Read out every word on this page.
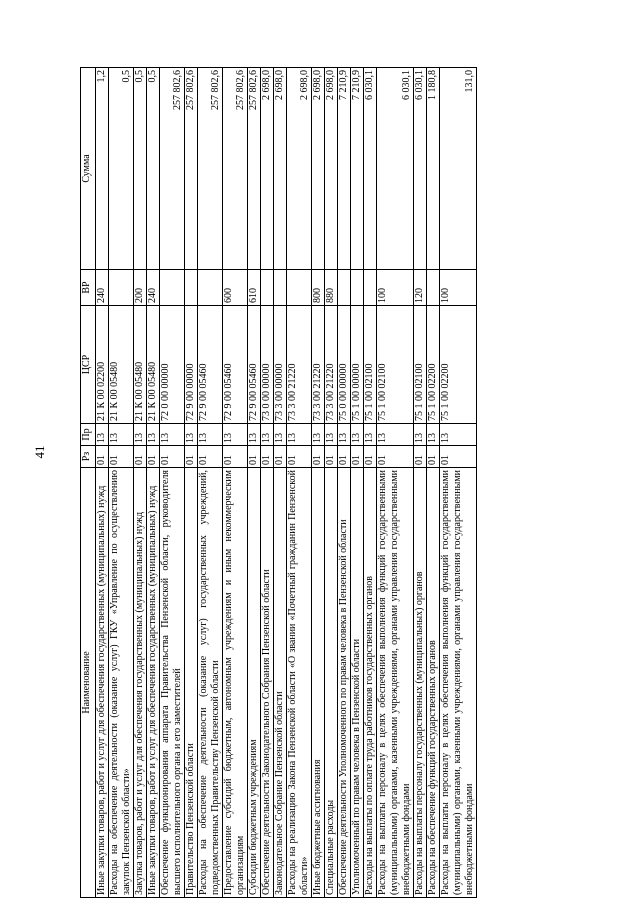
41
Наименование	Рз	Пр	ЦСР	ВР	Сумма
Иные закупки товаров, работ и услуг для обеспечения государственных (муниципальных) нужд	01	13	21 К 00 02200	240	1,2
Расходы на обеспечение деятельности (оказание услуг) ГКУ «Управление по осуществлению закупок Пензенской области»	01	13	21 К 00 05480		0,5
Закупка товаров, работ и услуг для обеспечения государственных (муниципальных) нужд	01	13	21 К 00 05480	200	0,5
Иные закупки товаров, работ и услуг для обеспечения государственных (муниципальных) нужд	01	13	21 К 00 05480	240	0,5
Обеспечение функционирования аппарата Правительства Пензенской области, руководителя высшего исполнительного органа и его заместителей	01	13	72 0 00 00000		257 802,6
Правительство Пензенской области	01	13	72 9 00 00000		257 802,6
Расходы на обеспечение деятельности (оказание услуг) государственных учреждений, подведомственных Правительству Пензенской области	01	13	72 9 00 05460		257 802,6
Предоставление субсидий бюджетным, автономным учреждениям и иным некоммерческим организациям	01	13	72 9 00 05460	600	257 802,6
Субсидии бюджетным учреждениям	01	13	72 9 00 05460	610	257 802,6
Обеспечение деятельности Законодательного Собрания Пензенской области	01	13	73 0 00 00000		2 698,0
Законодательное Собрание Пензенской области	01	13	73 3 00 00000		2 698,0
Расходы на реализацию Закона Пензенской области «О звании «Почетный гражданин Пензенской области»	01	13	73 3 00 21220		2 698,0
Иные бюджетные ассигнования	01	13	73 3 00 21220	800	2 698,0
Специальные расходы	01	13	73 3 00 21220	880	2 698,0
Обеспечение деятельности Уполномоченного по правам человека в Пензенской области	01	13	75 0 00 00000		7 210,9
Уполномоченный по правам человека в Пензенской области	01	13	75 1 00 00000		7 210,9
Расходы на выплаты по оплате труда работников государственных органов	01	13	75 1 00 02100		6 030,1
Расходы на выплаты персоналу в целях обеспечения выполнения функций государственными (муниципальными) органами, казенными учреждениями, органами управления государственными внебюджетными фондами	01	13	75 1 00 02100	100	6 030,1
Расходы на выплаты персоналу государственных (муниципальных) органов	01	13	75 1 00 02100	120	6 030,1
Расходы на обеспечение функций государственных органов	01	13	75 1 00 02200		1 180,8
Расходы на выплаты персоналу в целях обеспечения выполнения функций государственными (муниципальными) органами, казенными учреждениями, органами управления государственными внебюджетными фондами	01	13	75 1 00 02200	100	131,0
